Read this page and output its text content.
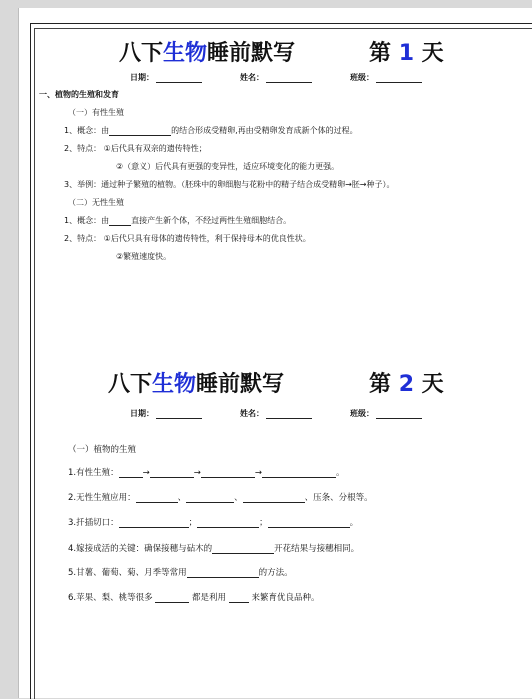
八下生物睡前默写	第 1 天
日期：	姓名：	班级：
一、植物的生殖和发育
（一）有性生殖
1、概念：由	的结合形成受精卵,再由受精卵发育成新个体的过程。
2、特点： ①后代具有双亲的遗传特性；
②（意义）后代具有更强的变异性，适应环境变化的能力更强。
3、举例：通过种子繁殖的植物。（胚珠中的卵细胞与花粉中的精子结合成受精卵→胚→种子）。
（二）无性生殖
1、概念：由	直接产生新个体，不经过两性生殖细胞结合。
2、特点： ①后代只具有母体的遗传特性，利于保持母本的优良性状。
②繁殖速度快。
八下生物睡前默写	第 2 天
日期：	姓名：	班级：
（一）植物的生殖
1.有性生殖：	→	→	→	。
2.无性生殖应用：	、	、	、压条、分根等。
3.扦插切口：	；	；	。
4.嫁接成活的关键：确保接穗与砧木的	开花结果与接穗相同。
5.甘薯、葡萄、菊、月季等常用	的方法。
6.苹果、梨、桃等很多	都是利用	来繁育优良品种。
